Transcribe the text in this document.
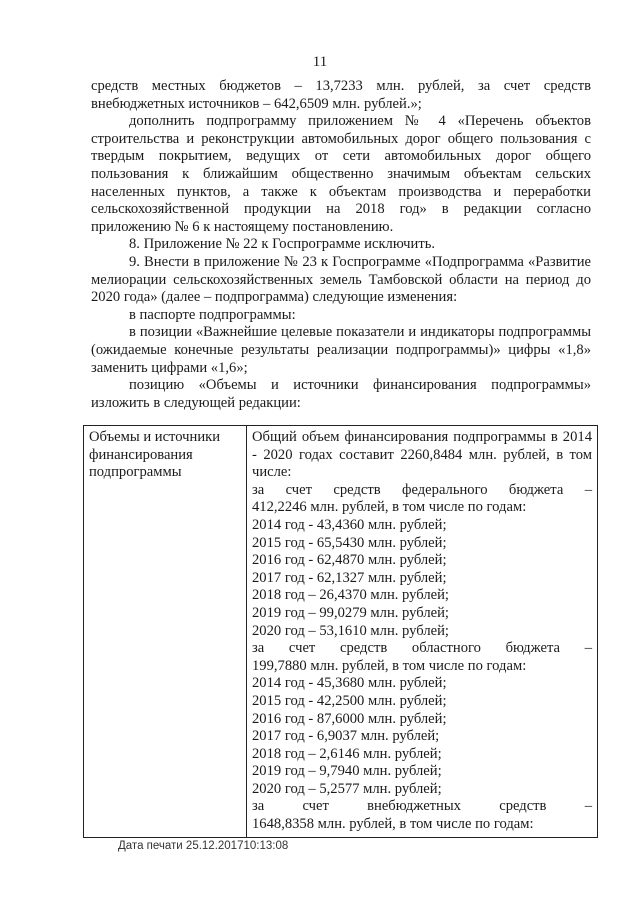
11

средств местных бюджетов – 13,7233 млн. рублей, за счет средств внебюджетных источников – 642,6509 млн. рублей.»;

дополнить подпрограмму приложением № 4 «Перечень объектов строительства и реконструкции автомобильных дорог общего пользования с твердым покрытием, ведущих от сети автомобильных дорог общего пользования к ближайшим общественно значимым объектам сельских населенных пунктов, а также к объектам производства и переработки сельскохозяйственной продукции на 2018 год» в редакции согласно приложению № 6 к настоящему постановлению.

8. Приложение № 22 к Госпрограмме исключить.

9. Внести в приложение № 23 к Госпрограмме «Подпрограмма «Развитие мелиорации сельскохозяйственных земель Тамбовской области на период до 2020 года» (далее – подпрограмма) следующие изменения:

в паспорте подпрограммы:

в позиции «Важнейшие целевые показатели и индикаторы подпрограммы (ожидаемые конечные результаты реализации подпрограммы)» цифры «1,8» заменить цифрами «1,6»;

позицию «Объемы и источники финансирования подпрограммы» изложить в следующей редакции:

Объемы и источники финансирования подпрограммы	
Общий объем финансирования подпрограммы в 2014 - 2020 годах составит 2260,8484 млн. рублей, в том числе:
за счет средств федерального бюджета –
412,2246 млн. рублей, в том числе по годам:
2014 год - 43,4360 млн. рублей;
2015 год - 65,5430 млн. рублей;
2016 год - 62,4870 млн. рублей;
2017 год - 62,1327 млн. рублей;
2018 год – 26,4370 млн. рублей;
2019 год – 99,0279 млн. рублей;
2020 год – 53,1610 млн. рублей;
за счет средств областного бюджета –
199,7880 млн. рублей, в том числе по годам:
2014 год - 45,3680 млн. рублей;
2015 год - 42,2500 млн. рублей;
2016 год - 87,6000 млн. рублей;
2017 год - 6,9037 млн. рублей;
2018 год – 2,6146 млн. рублей;
2019 год – 9,7940 млн. рублей;
2020 год – 5,2577 млн. рублей;
за счет внебюджетных средств –
1648,8358 млн. рублей, в том числе по годам:
Дата печати 25.12.201710:13:08
